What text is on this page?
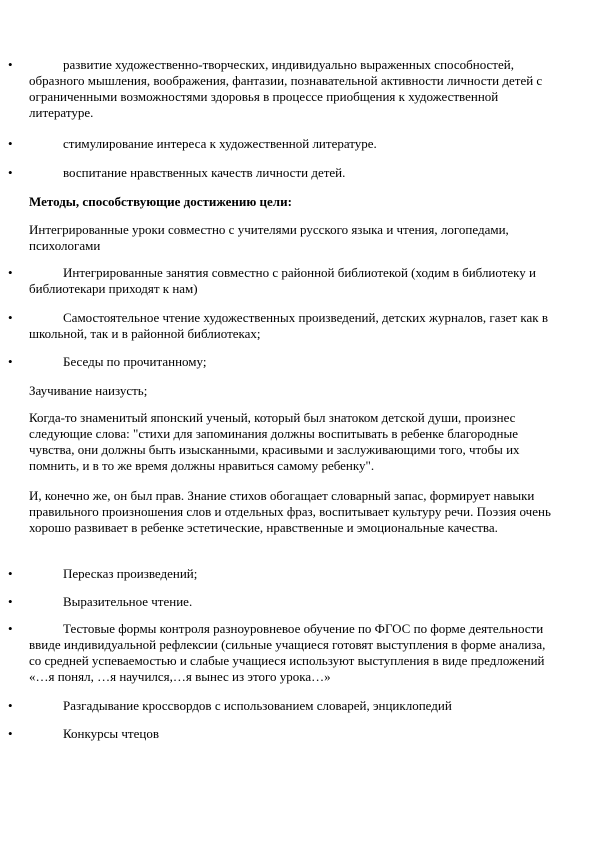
•	развитие художественно-творческих, индивидуально выраженных способностей, образного мышления, воображения, фантазии, познавательной активности личности детей с ограниченными возможностями здоровья в процессе приобщения к художественной литературе.

•	стимулирование интереса к художественной литературе.

•	воспитание нравственных качеств личности детей.

Методы, способствующие достижению цели:

Интегрированные уроки совместно с учителями русского языка и чтения, логопедами, психологами

•	Интегрированные занятия совместно с районной библиотекой (ходим в библиотеку и библиотекари приходят к нам)

•	Самостоятельное чтение художественных произведений, детских журналов, газет как в школьной, так и в районной библиотеках;

•	Беседы по прочитанному;

Заучивание наизусть;

Когда-то знаменитый японский ученый, который был знатоком детской души, произнес следующие слова: "стихи для запоминания должны воспитывать в ребенке благородные чувства, они должны быть изысканными, красивыми и заслуживающими того, чтобы их помнить, и в то же время должны нравиться самому ребенку".

И, конечно же, он был прав. Знание стихов обогащает словарный запас, формирует навыки правильного произношения слов и отдельных фраз, воспитывает культуру речи. Поэзия очень хорошо развивает в ребенке эстетические, нравственные и эмоциональные качества.

•	Пересказ произведений;

•	Выразительное чтение.

•	Тестовые формы контроля разноуровневое обучение по ФГОС по форме деятельности ввиде индивидуальной рефлексии (сильные учащиеся готовят выступления в форме анализа, со средней успеваемостью и слабые учащиеся используют выступления в виде предложений «…я понял, …я научился,…я вынес из этого урока…»

•	Разгадывание кроссвордов с использованием словарей, энциклопедий

•	Конкурсы чтецов
